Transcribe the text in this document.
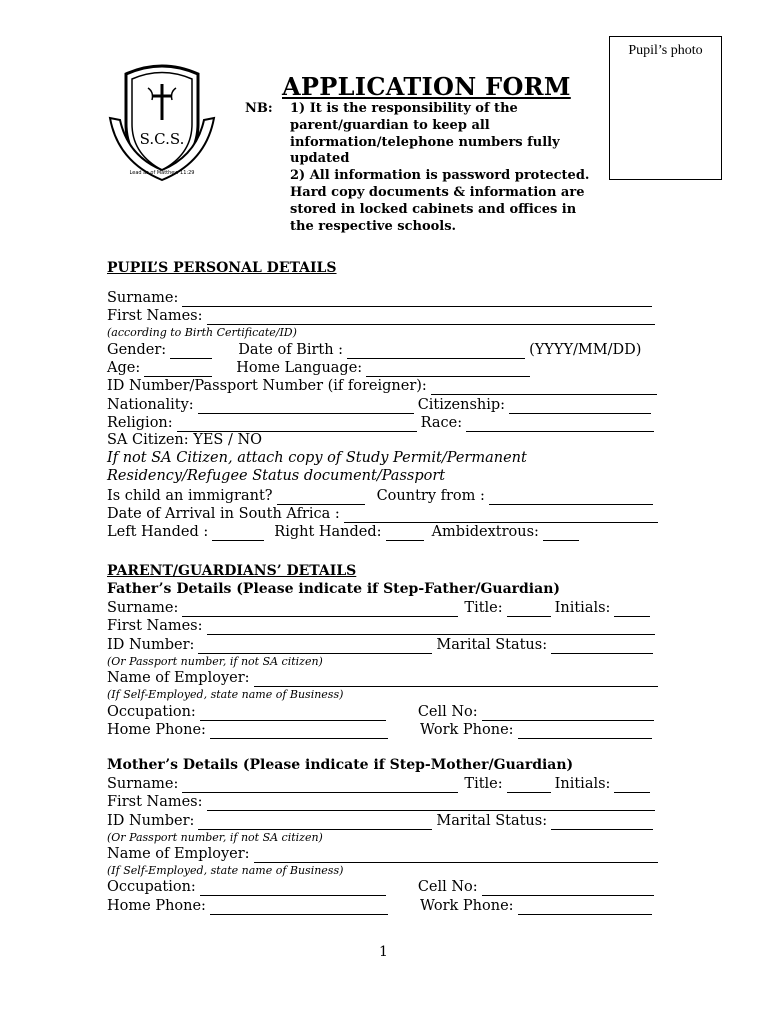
S.C.S.
Lead as of Matthew 11:29
Pupil’s photo
APPLICATION FORM
NB: 1) It is the responsibility of the
parent/guardian to keep all
information/telephone numbers fully
updated
2) All information is password protected.
Hard copy documents & information are
stored in locked cabinets and offices in
the respective schools.
PUPIL’S PERSONAL DETAILS
Surname:
First Names:
(according to Birth Certificate/ID)
Gender:	Date of Birth :	(YYYY/MM/DD)
Age:	Home Language:
ID Number/Passport Number (if foreigner):
Nationality:	Citizenship:
Religion:	Race:
SA Citizen: YES / NO
If not SA Citizen, attach copy of Study Permit/Permanent
Residency/Refugee Status document/Passport
Is child an immigrant?	Country from :
Date of Arrival in South Africa :
Left Handed :	Right Handed:	Ambidextrous:
PARENT/GUARDIANS’ DETAILS
Father’s Details (Please indicate if Step-Father/Guardian)
Surname:	Title:	Initials:
First Names:
ID Number:	Marital Status:
(Or Passport number, if not SA citizen)
Name of Employer:
(If Self-Employed, state name of Business)
Occupation:	Cell No:
Home Phone:	Work Phone:
Mother’s Details (Please indicate if Step-Mother/Guardian)
Surname:	Title:	Initials:
First Names:
ID Number:	Marital Status:
(Or Passport number, if not SA citizen)
Name of Employer:
(If Self-Employed, state name of Business)
Occupation:	Cell No:
Home Phone:	Work Phone:
1
